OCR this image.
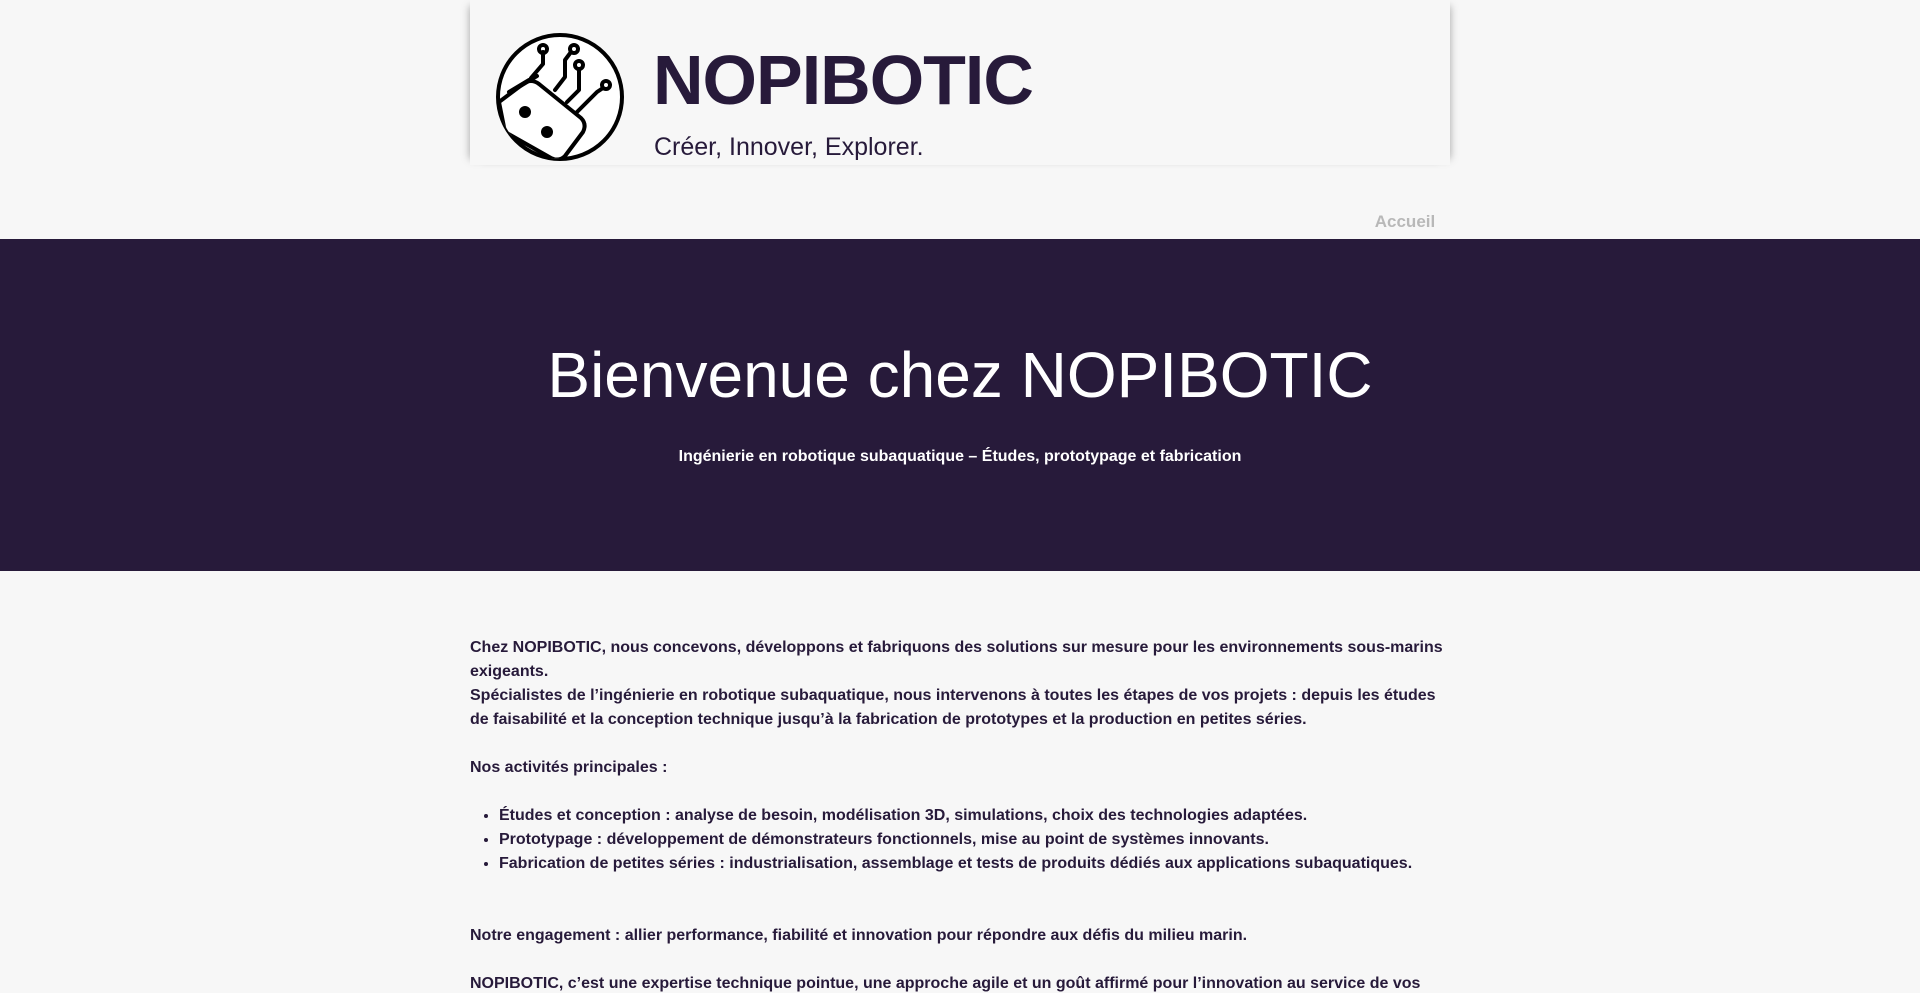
NOPIBOTIC

Créer, Innover, Explorer.

Accueil
Bienvenue chez NOPIBOTIC

Ingénierie en robotique subaquatique – Études, prototypage et fabrication

Chez NOPIBOTIC, nous concevons, développons et fabriquons des solutions sur mesure pour les environnements sous-marins exigeants.

Spécialistes de l’ingénierie en robotique subaquatique, nous intervenons à toutes les étapes de vos projets : depuis les études de faisabilité et la conception technique jusqu’à la fabrication de prototypes et la production en petites séries.

Nos activités principales :

• Études et conception : analyse de besoin, modélisation 3D, simulations, choix des technologies adaptées.
• Prototypage : développement de démonstrateurs fonctionnels, mise au point de systèmes innovants.
• Fabrication de petites séries : industrialisation, assemblage et tests de produits dédiés aux applications subaquatiques.

Notre engagement : allier performance, fiabilité et innovation pour répondre aux défis du milieu marin.

NOPIBOTIC, c’est une expertise technique pointue, une approche agile et un goût affirmé pour l’innovation au service de vos
